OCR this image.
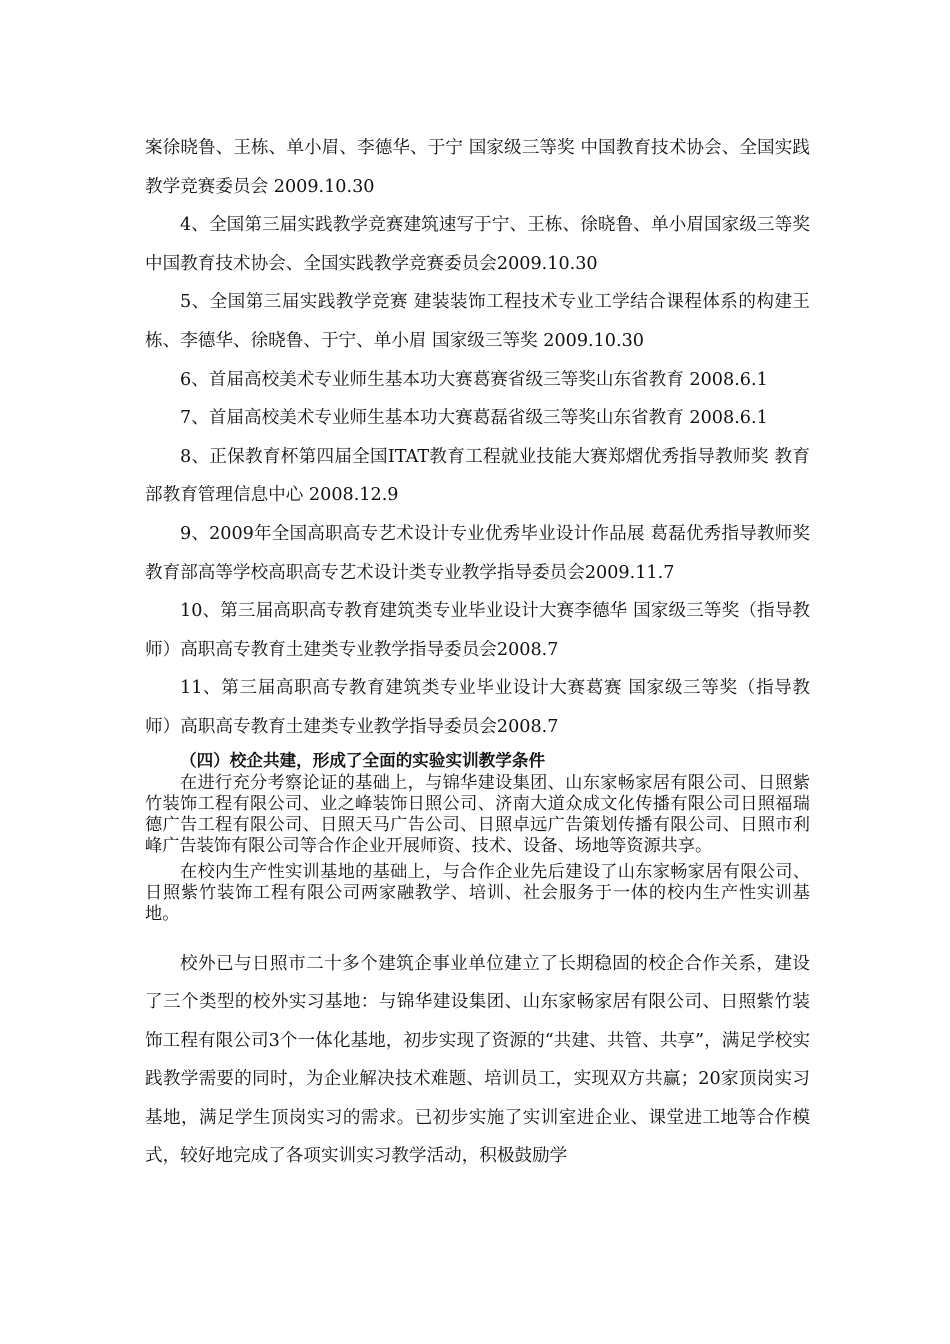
案徐晓鲁、王栋、单小眉、李德华、于宁 国家级三等奖 中国教育技术协会、全国实践教学竞赛委员会 2009.10.30

4、全国第三届实践教学竞赛建筑速写于宁、王栋、徐晓鲁、单小眉国家级三等奖中国教育技术协会、全国实践教学竞赛委员会2009.10.30

5、全国第三届实践教学竞赛 建装装饰工程技术专业工学结合课程体系的构建王栋、李德华、徐晓鲁、于宁、单小眉 国家级三等奖 2009.10.30

6、首届高校美术专业师生基本功大赛葛赛省级三等奖山东省教育 2008.6.1

7、首届高校美术专业师生基本功大赛葛磊省级三等奖山东省教育 2008.6.1

8、正保教育杯第四届全国ITAT教育工程就业技能大赛郑熠优秀指导教师奖 教育部教育管理信息中心 2008.12.9

9、2009年全国高职高专艺术设计专业优秀毕业设计作品展 葛磊优秀指导教师奖教育部高等学校高职高专艺术设计类专业教学指导委员会2009.11.7

10、第三届高职高专教育建筑类专业毕业设计大赛李德华 国家级三等奖（指导教师）高职高专教育土建类专业教学指导委员会2008.7

11、第三届高职高专教育建筑类专业毕业设计大赛葛赛 国家级三等奖（指导教师）高职高专教育土建类专业教学指导委员会2008.7

（四）校企共建，形成了全面的实验实训教学条件

在进行充分考察论证的基础上，与锦华建设集团、山东家畅家居有限公司、日照紫竹装饰工程有限公司、业之峰装饰日照公司、济南大道众成文化传播有限公司日照福瑞德广告工程有限公司、日照天马广告公司、日照卓远广告策划传播有限公司、日照市利峰广告装饰有限公司等合作企业开展师资、技术、设备、场地等资源共享。

在校内生产性实训基地的基础上，与合作企业先后建设了山东家畅家居有限公司、日照紫竹装饰工程有限公司两家融教学、培训、社会服务于一体的校内生产性实训基地。

校外已与日照市二十多个建筑企事业单位建立了长期稳固的校企合作关系，建设了三个类型的校外实习基地：与锦华建设集团、山东家畅家居有限公司、日照紫竹装饰工程有限公司3个一体化基地，初步实现了资源的“共建、共管、共享”，满足学校实践教学需要的同时，为企业解决技术难题、培训员工，实现双方共赢；20家顶岗实习基地，满足学生顶岗实习的需求。已初步实施了实训室进企业、课堂进工地等合作模式，较好地完成了各项实训实习教学活动，积极鼓励学
